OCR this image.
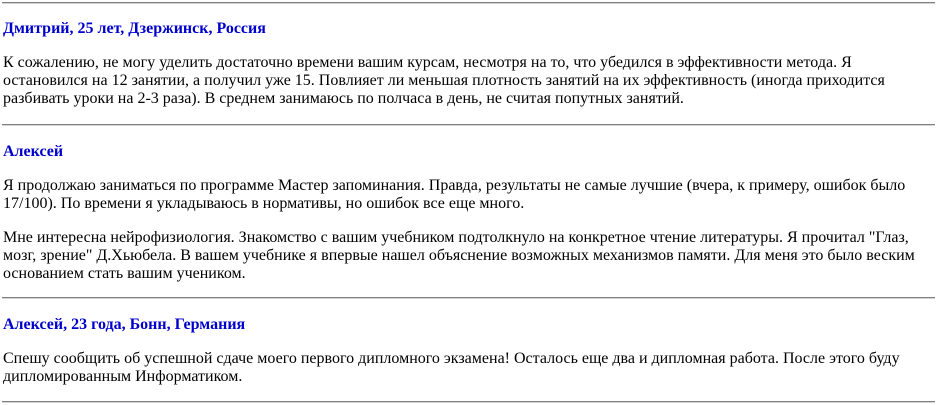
Дмитрий, 25 лет, Дзержинск, Россия

К сожалению, не могу уделить достаточно времени вашим курсам, несмотря на то, что убедился в эффективности метода. Я остановился на 12 занятии, а получил уже 15. Повлияет ли меньшая плотность занятий на их эффективность (иногда приходится разбивать уроки на 2-3 раза). В среднем занимаюсь по полчаса в день, не считая попутных занятий.

Алексей

Я продолжаю заниматься по программе Мастер запоминания. Правда, результаты не самые лучшие (вчера, к примеру, ошибок было 17/100). По времени я укладываюсь в нормативы, но ошибок все еще много.

Мне интересна нейрофизиология. Знакомство с вашим учебником подтолкнуло на конкретное чтение литературы. Я прочитал "Глаз, мозг, зрение" Д.Хьюбела. В вашем учебнике я впервые нашел объяснение возможных механизмов памяти. Для меня это было веским основанием стать вашим учеником.

Алексей, 23 года, Бонн, Германия

Спешу сообщить об успешной сдаче моего первого дипломного экзамена! Осталось еще два и дипломная работа. После этого буду дипломированным Информатиком.
